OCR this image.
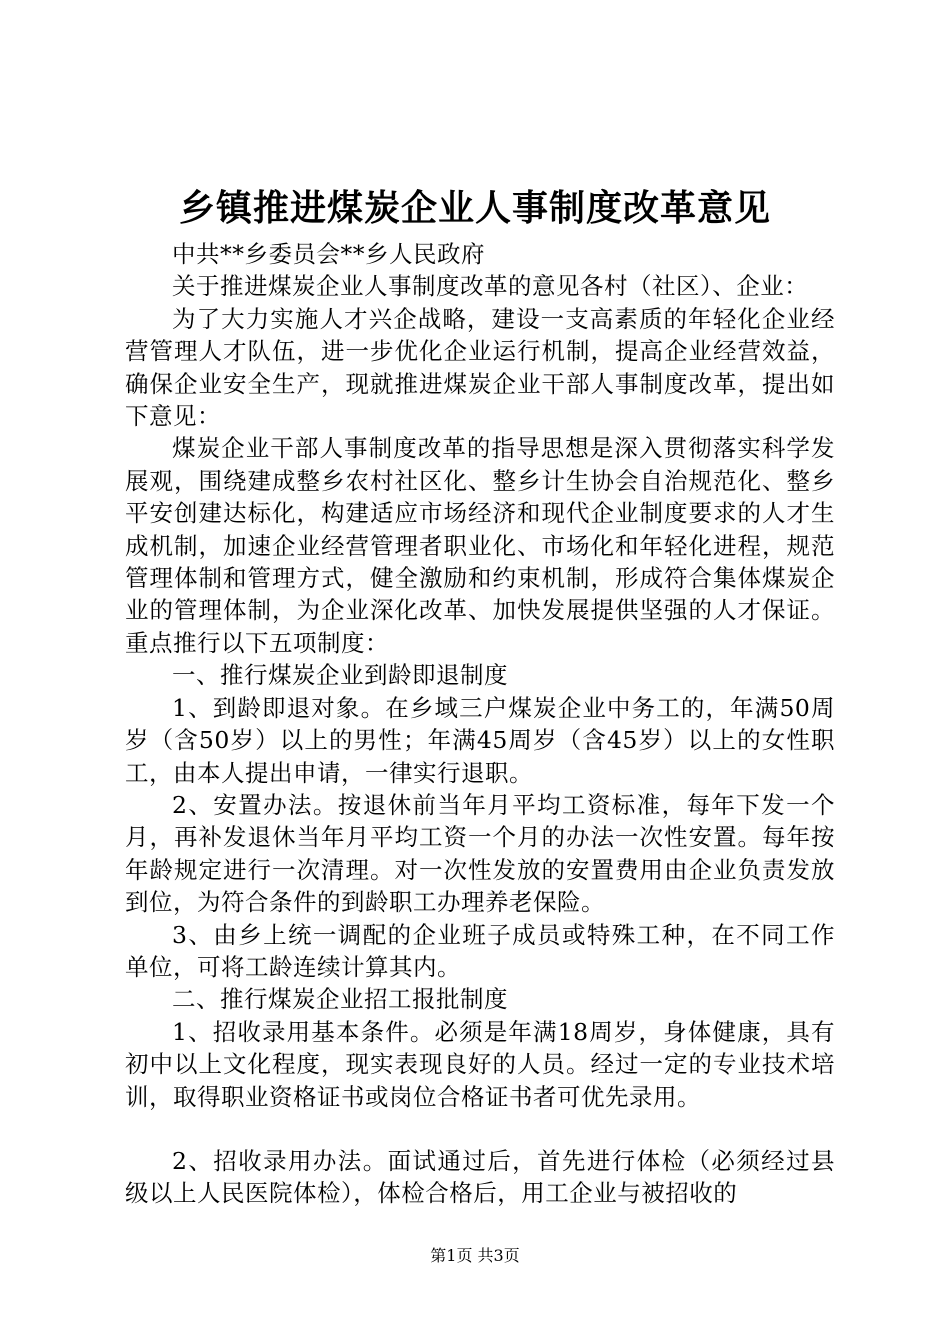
乡镇推进煤炭企业人事制度改革意见

中共**乡委员会**乡人民政府

关于推进煤炭企业人事制度改革的意见各村（社区）、企业：

为了大力实施人才兴企战略，建设一支高素质的年轻化企业经营管理人才队伍，进一步优化企业运行机制，提高企业经营效益，确保企业安全生产，现就推进煤炭企业干部人事制度改革，提出如下意见：

煤炭企业干部人事制度改革的指导思想是深入贯彻落实科学发展观，围绕建成整乡农村社区化、整乡计生协会自治规范化、整乡平安创建达标化，构建适应市场经济和现代企业制度要求的人才生成机制，加速企业经营管理者职业化、市场化和年轻化进程，规范管理体制和管理方式，健全激励和约束机制，形成符合集体煤炭企业的管理体制，为企业深化改革、加快发展提供坚强的人才保证。重点推行以下五项制度：

一、推行煤炭企业到龄即退制度

1、到龄即退对象。在乡域三户煤炭企业中务工的，年满50周岁（含50岁）以上的男性；年满45周岁（含45岁）以上的女性职工，由本人提出申请，一律实行退职。

2、安置办法。按退休前当年月平均工资标准，每年下发一个月，再补发退休当年月平均工资一个月的办法一次性安置。每年按年龄规定进行一次清理。对一次性发放的安置费用由企业负责发放到位，为符合条件的到龄职工办理养老保险。

3、由乡上统一调配的企业班子成员或特殊工种，在不同工作单位，可将工龄连续计算其内。

二、推行煤炭企业招工报批制度

1、招收录用基本条件。必须是年满18周岁，身体健康，具有初中以上文化程度，现实表现良好的人员。经过一定的专业技术培训，取得职业资格证书或岗位合格证书者可优先录用。

2、招收录用办法。面试通过后，首先进行体检（必须经过县级以上人民医院体检），体检合格后，用工企业与被招收的

第1页 共3页
